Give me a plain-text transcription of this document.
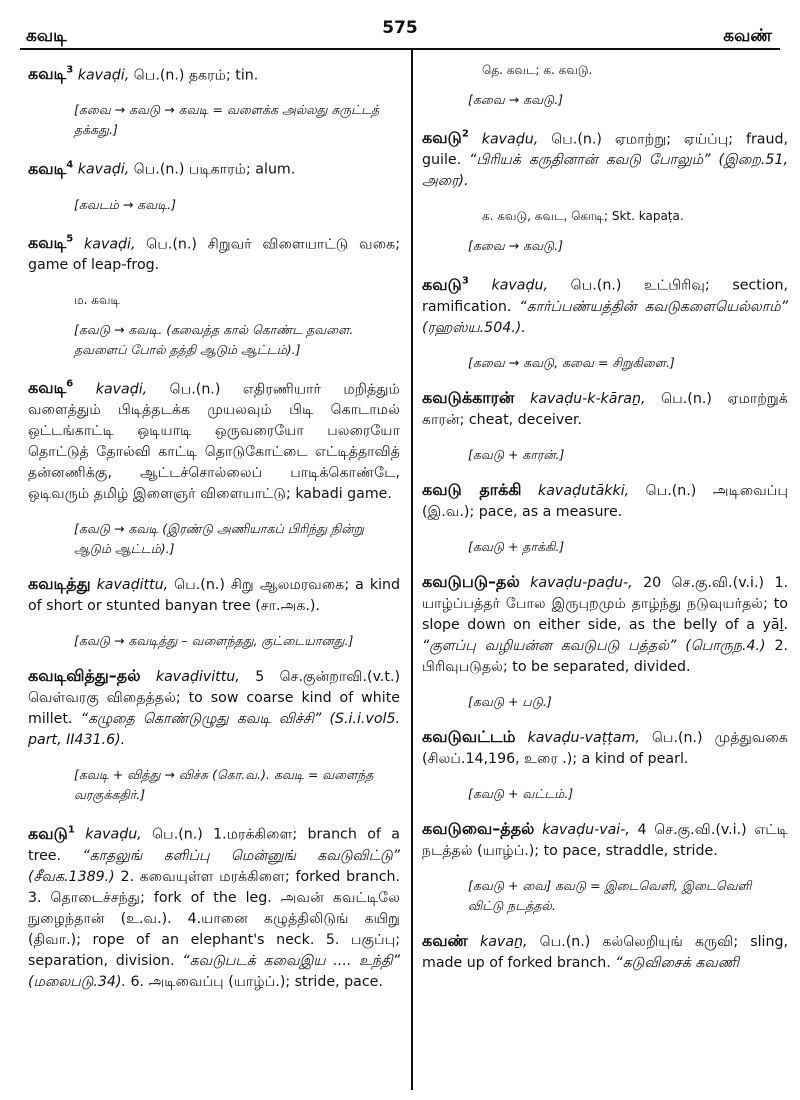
கவடி	575	கவண்

கவடி$^3$ kavaḍi, பெ.(n.) தகரம்; tin.

[கவை → கவடு → கவடி = வளைக்க அல்லது சுருட்டத் தக்கது.]

கவடி$^4$ kavaḍi, பெ.(n.) படிகாரம்; alum.

[கவடம் → கவடி.]

கவடி$^5$ kavaḍi, பெ.(n.) சிறுவர் விளையாட்டு வகை; game of leap-frog.

ம. கவடி

[கவடு → கவடி. (கவைத்த கால் கொண்ட தவளை. தவளைப் போல் தத்தி ஆடும் ஆட்டம்).]

கவடி$^6$ kavaḍi, பெ.(n.) எதிரணியார் மறித்தும் வளைத்தும் பிடித்தடக்க முயலவும் பிடி கொடாமல் ஒட்டங்காட்டி ஒடியாடி ஒருவரையோ பலரையோ தொட்டுத் தோல்வி காட்டி தொடுகோட்டை எட்டித்தாவித் தன்னணிக்கு, ஆட்டச்சொல்லைப் பாடிக்கொண்டே, ஒடிவரும் தமிழ் இளைஞர் விளையாட்டு; kabadi game.

[கவடு → கவடி (இரண்டு அணியாகப் பிரிந்து நின்று ஆடும் ஆட்டம்).]

கவடித்து kavaḍittu, பெ.(n.) சிறு ஆலமரவகை; a kind of short or stunted banyan tree (சா.அக.).

[கவடு → கவடித்து – வளைந்தது, குட்டையானது.]

கவடிவித்து–தல் kavaḍivittu, 5 செ.குன்றாவி.(v.t.) வெள்வரகு விதைத்தல்; to sow coarse kind of white millet. “கழுதை கொண்டுழுது கவடி விச்சி” (S.i.i.vol5. part, II431.6).

[கவடி + வித்து → விச்சு (கொ.வ.). கவடி = வளைந்த வரகுக்கதிர்.]

கவடு$^1$ kavaḍu, பெ.(n.) 1.மரக்கிளை; branch of a tree. “காதலுங் களிப்பு மென்னுங் கவடுவிட்டு” (சீவக.1389.) 2. கவையுள்ள மரக்கிளை; forked branch. 3. தொடைச்சந்து; fork of the leg. அவன் கவட்டிலே நுழைந்தான் (உ.வ.). 4.யானை கழுத்திலிடுங் கயிறு (திவா.); rope of an elephant's neck. 5. பகுப்பு; separation, division. “கவடுபடக் கவைஇய .... உந்தி” (மலைபடு.34). 6. அடிவைப்பு (யாழ்ப்.); stride, pace.

தெ. கவட; க. கவடு.

[கவை → கவடு.]

கவடு$^2$ kavaḍu, பெ.(n.) ஏமாற்று; ஏய்ப்பு; fraud, guile. “பிரியக் கருதினான் கவடு போலும்” (இறை.51, அரை).

க. கவடு, கவட, கொடி; Skt. kapaṭa.

[கவை → கவடு.]

கவடு$^3$ kavaḍu, பெ.(n.) உட்பிரிவு; section, ramification. “கார்ப்பண்யத்தின் கவடுகளையெல்லாம்” (ரஹஸ்ய.504.).

[கவை → கவடு, கவை = சிறுகிளை.]

கவடுக்காரன் kavaḍu-k-kāraṉ, பெ.(n.) ஏமாற்றுக் காரன்; cheat, deceiver.

[கவடு + காரன்.]

கவடு தாக்கி kavaḍutākki, பெ.(n.) அடிவைப்பு (இ.வ.); pace, as a measure.

[கவடு + தாக்கி.]

கவடுபடு–தல் kavaḍu-paḍu-, 20 செ.கு.வி.(v.i.) 1. யாழ்ப்பத்தர் போல இருபுறமும் தாழ்ந்து நடுவுயர்தல்; to slope down on either side, as the belly of a yāḻ. “குளப்பு வழியன்ன கவடுபடு பத்தல்” (பொருந.4.) 2. பிரிவுபடுதல்; to be separated, divided.

[கவடு + படு.]

கவடுவட்டம் kavaḍu-vaṭṭam, பெ.(n.) முத்துவகை (சிலப்.14,196, உரை .); a kind of pearl.

[கவடு + வட்டம்.]

கவடுவை–த்தல் kavaḍu-vai-, 4 செ.கு.வி.(v.i.) எட்டி நடத்தல் (யாழ்ப்.); to pace, straddle, stride.

[கவடு + வை] கவடு = இடைவெளி, இடைவெளி விட்டு நடத்தல்.

கவண் kavaṉ, பெ.(n.) கல்லெறியுங் கருவி; sling, made up of forked branch. “கடுவிசைக் கவணி
